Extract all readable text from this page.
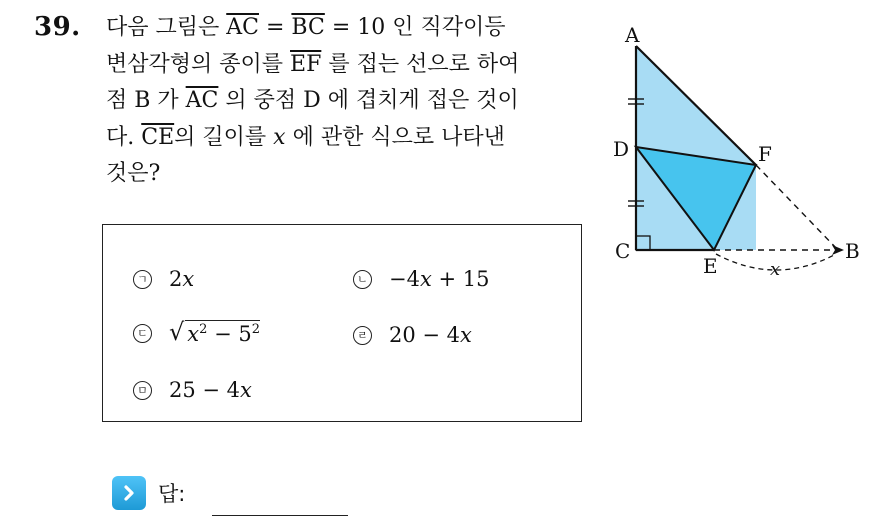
39. 다음 그림은 $\overline{AC} = \overline{BC} = 10$ 인 직각이등
변삼각형의 종이를 $\overline{EF}$ 를 접는 선으로 하여
점 B 가 $\overline{AC}$ 의 중점 D 에 겹치게 접은 것이
다. $\overline{CE}$의 길이를 x 에 관한 식으로 나타낸
것은?
ㄱ 2x	ㄴ −4x + 15
ㄷ √ $x^2 - 5^2$	ㄹ 20 − 4x
ㅁ 25 − 4x
A
D	F
C
E
B
x
답:
